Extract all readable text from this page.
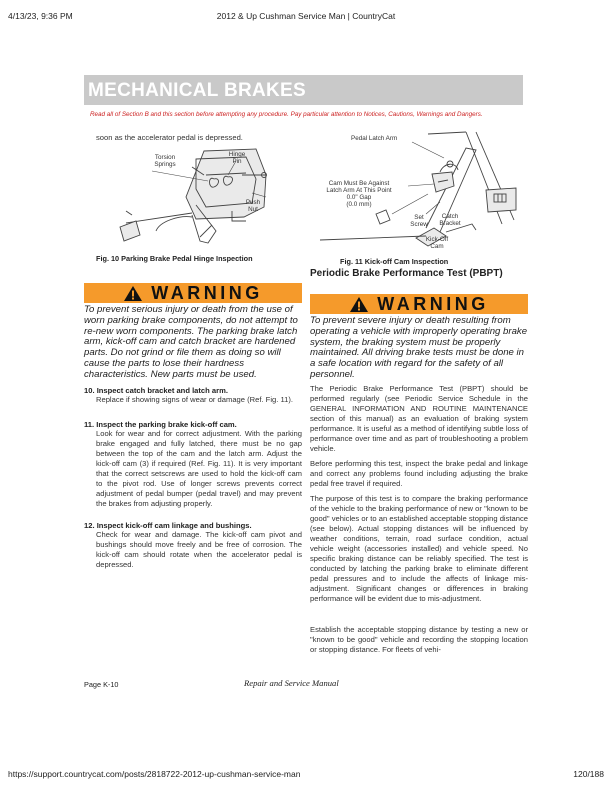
4/13/23, 9:36 PM	2012 & Up Cushman Service Man | CountryCat
MECHANICAL BRAKES
Read all of Section B and this section before attempting any procedure. Pay particular attention to Notices, Cautions, Warnings and Dangers.
soon as the accelerator pedal is depressed.
Torsion
Springs
Hinge
Pin
Push
Nut
Fig. 10 Parking Brake Pedal Hinge Inspection
WARNING
To prevent serious injury or death from the use of worn parking brake components, do not attempt to re-new worn components. The parking brake latch arm, kick-off cam and catch bracket are hardened parts. Do not grind or file them as doing so will cause the parts to lose their hardness characteristics. New parts must be used.
10. Inspect catch bracket and latch arm.
Replace if showing signs of wear or damage (Ref. Fig. 11).
11. Inspect the parking brake kick-off cam.
Look for wear and for correct adjustment. With the parking brake engaged and fully latched, there must be no gap between the top of the cam and the latch arm. Adjust the kick-off cam (3) if required (Ref. Fig. 11). It is very important that the correct setscrews are used to hold the kick-off cam to the pivot rod. Use of longer screws prevents correct adjustment of pedal bumper (pedal travel) and may prevent the brakes from adjusting properly.
12. Inspect kick-off cam linkage and bushings.
Check for wear and damage. The kick-off cam pivot and bushings should move freely and be free of corrosion. The kick-off cam should rotate when the accelerator pedal is depressed.
Pedal Latch Arm
Cam Must Be Against
Latch Arm At This Point
0.0" Gap
(0.0 mm)
Set
Screw
Catch
Bracket
Kick-Off
Cam
Fig. 11 Kick-off Cam Inspection
Periodic Brake Performance Test (PBPT)
WARNING
To prevent severe injury or death resulting from operating a vehicle with improperly operating brake system, the braking system must be properly maintained. All driving brake tests must be done in a safe location with regard for the safety of all personnel.
The Periodic Brake Performance Test (PBPT) should be performed regularly (see Periodic Service Schedule in the GENERAL INFORMATION AND ROUTINE MAINTENANCE section of this manual) as an evaluation of braking system performance. It is useful as a method of identifying subtle loss of performance over time and as part of troubleshooting a problem vehicle.
Before performing this test, inspect the brake pedal and linkage and correct any problems found including adjusting the brake pedal free travel if required.
The purpose of this test is to compare the braking performance of the vehicle to the braking performance of new or "known to be good" vehicles or to an established acceptable stopping distance (see below). Actual stopping distances will be influenced by weather conditions, terrain, road surface condition, actual vehicle weight (accessories installed) and vehicle speed. No specific braking distance can be reliably specified. The test is conducted by latching the parking brake to eliminate different pedal pressures and to include the affects of linkage mis-adjustment. Significant changes or differences in braking performance will be evident due to mis-adjustment.
Establish the acceptable stopping distance by testing a new or "known to be good" vehicle and recording the stopping location or stopping distance. For fleets of vehi-
Page K-10	Repair and Service Manual
https://support.countrycat.com/posts/2818722-2012-up-cushman-service-man	120/188
